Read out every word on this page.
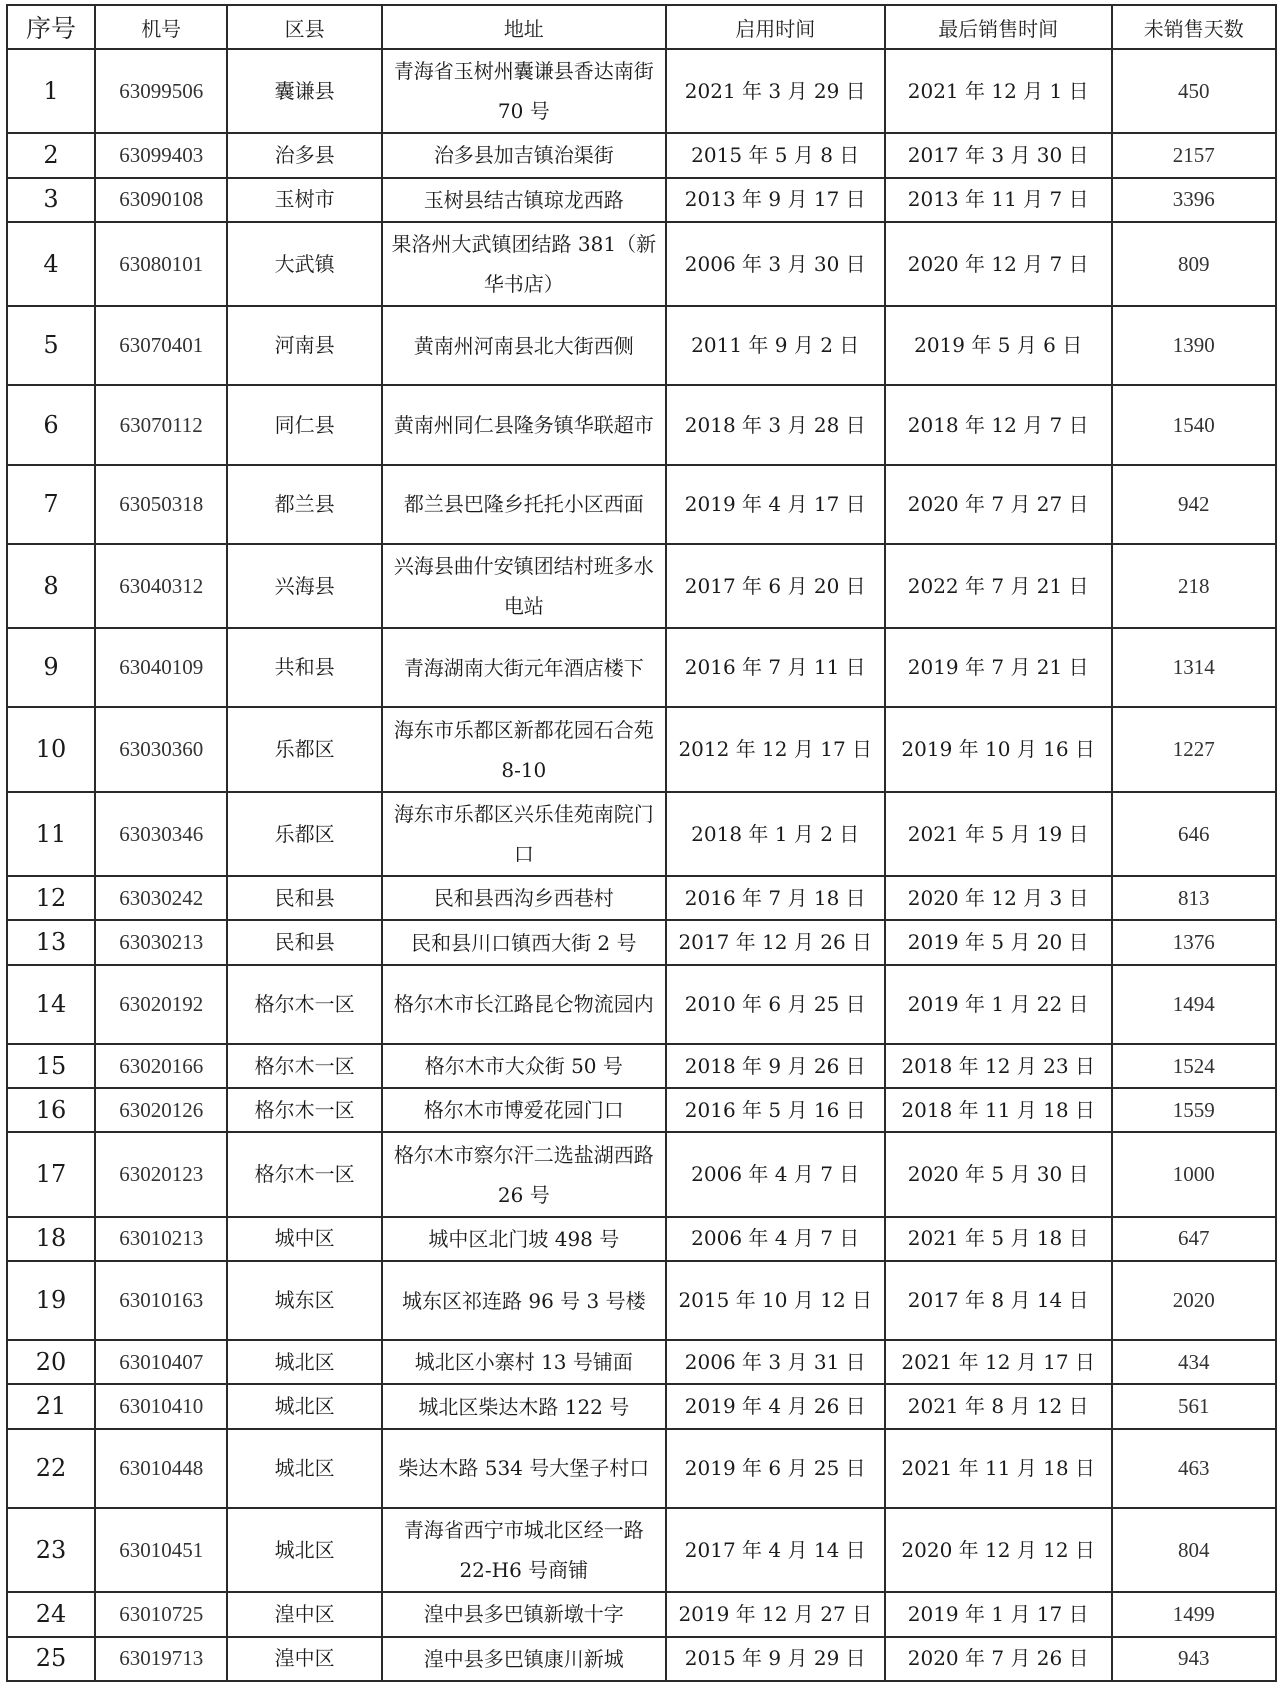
序号	机号	区县	地址	启用时间	最后销售时间	未销售天数
1	63099506	囊谦县	青海省玉树州囊谦县香达南街 70 号	2021 年 3 月 29 日	2021 年 12 月 1 日	450
2	63099403	治多县	治多县加吉镇治渠街	2015 年 5 月 8 日	2017 年 3 月 30 日	2157
3	63090108	玉树市	玉树县结古镇琼龙西路	2013 年 9 月 17 日	2013 年 11 月 7 日	3396
4	63080101	大武镇	果洛州大武镇团结路 381（新华书店）	2006 年 3 月 30 日	2020 年 12 月 7 日	809
5	63070401	河南县	黄南州河南县北大街西侧	2011 年 9 月 2 日	2019 年 5 月 6 日	1390
6	63070112	同仁县	黄南州同仁县隆务镇华联超市	2018 年 3 月 28 日	2018 年 12 月 7 日	1540
7	63050318	都兰县	都兰县巴隆乡托托小区西面	2019 年 4 月 17 日	2020 年 7 月 27 日	942
8	63040312	兴海县	兴海县曲什安镇团结村班多水电站	2017 年 6 月 20 日	2022 年 7 月 21 日	218
9	63040109	共和县	青海湖南大街元年酒店楼下	2016 年 7 月 11 日	2019 年 7 月 21 日	1314
10	63030360	乐都区	海东市乐都区新都花园石合苑 8-10	2012 年 12 月 17 日	2019 年 10 月 16 日	1227
11	63030346	乐都区	海东市乐都区兴乐佳苑南院门口	2018 年 1 月 2 日	2021 年 5 月 19 日	646
12	63030242	民和县	民和县西沟乡西巷村	2016 年 7 月 18 日	2020 年 12 月 3 日	813
13	63030213	民和县	民和县川口镇西大街 2 号	2017 年 12 月 26 日	2019 年 5 月 20 日	1376
14	63020192	格尔木一区	格尔木市长江路昆仑物流园内	2010 年 6 月 25 日	2019 年 1 月 22 日	1494
15	63020166	格尔木一区	格尔木市大众街 50 号	2018 年 9 月 26 日	2018 年 12 月 23 日	1524
16	63020126	格尔木一区	格尔木市博爱花园门口	2016 年 5 月 16 日	2018 年 11 月 18 日	1559
17	63020123	格尔木一区	格尔木市察尔汗二选盐湖西路 26 号	2006 年 4 月 7 日	2020 年 5 月 30 日	1000
18	63010213	城中区	城中区北门坡 498 号	2006 年 4 月 7 日	2021 年 5 月 18 日	647
19	63010163	城东区	城东区祁连路 96 号 3 号楼	2015 年 10 月 12 日	2017 年 8 月 14 日	2020
20	63010407	城北区	城北区小寨村 13 号铺面	2006 年 3 月 31 日	2021 年 12 月 17 日	434
21	63010410	城北区	城北区柴达木路 122 号	2019 年 4 月 26 日	2021 年 8 月 12 日	561
22	63010448	城北区	柴达木路 534 号大堡子村口	2019 年 6 月 25 日	2021 年 11 月 18 日	463
23	63010451	城北区	青海省西宁市城北区经一路 22-H6 号商铺	2017 年 4 月 14 日	2020 年 12 月 12 日	804
24	63010725	湟中区	湟中县多巴镇新墩十字	2019 年 12 月 27 日	2019 年 1 月 17 日	1499
25	63019713	湟中区	湟中县多巴镇康川新城	2015 年 9 月 29 日	2020 年 7 月 26 日	943
